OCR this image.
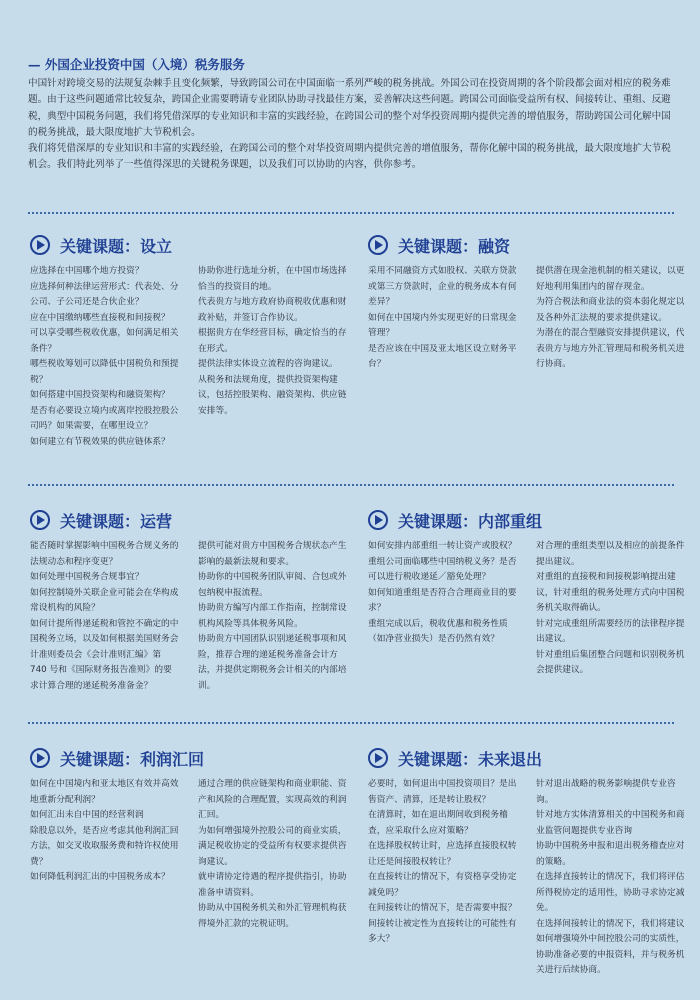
— 外国企业投资中国（入境）税务服务

中国针对跨境交易的法规复杂棘手且变化频繁，导致跨国公司在中国面临一系列严峻的税务挑战。外国公司在投资周期的各个阶段都会面对相应的税务难题。由于这些问题通常比较复杂，跨国企业需要聘请专业团队协助寻找最佳方案，妥善解决这些问题。跨国公司面临受益所有权、间接转让、重组、反避税，典型中国税务问题，我们将凭借深厚的专业知识和丰富的实践经验，在跨国公司的整个对华投资周期内提供完善的增值服务，帮助跨国公司化解中国的税务挑战，最大限度地扩大节税机会。

我们将凭借深厚的专业知识和丰富的实践经验，在跨国公司的整个对华投资周期内提供完善的增值服务，帮你化解中国的税务挑战，最大限度地扩大节税机会。我们特此列举了一些值得深思的关键税务课题，以及我们可以协助的内容，供你参考。

关键课题：设立

应选择在中国哪个地方投资？
应选择何种法律运营形式：代表处、分公司、子公司还是合伙企业？
应在中国缴纳哪些直接税和间接税？
可以享受哪些税收优惠，如何满足相关条件？
哪些税收筹划可以降低中国税负和预提税？
如何搭建中国投资架构和融资架构？
是否有必要设立境内或离岸控股控股公司吗？如果需要，在哪里设立？
如何建立有节税效果的供应链体系？

协助你进行选址分析，在中国市场选择恰当的投资目的地。
代表贵方与地方政府协商税收优惠和财政补贴，并签订合作协议。
根据贵方在华经营目标，确定恰当的存在形式。
提供法律实体设立流程的咨询建议。
从税务和法规角度，提供投资架构建议，包括控股架构、融资架构、供应链安排等。

关键课题：融资

采用不同融资方式如股权、关联方贷款或第三方贷款时，企业的税务成本有何差异？
如何在中国境内外实现更好的日常现金管理？
是否应该在中国及亚太地区设立财务平台？

提供潜在现金池机制的相关建议，以更好地利用集团内的留存现金。
为符合税法和商业法的资本弱化规定以及各种外汇法规的要求提供建议。
为潜在的混合型融资安排提供建议，代表贵方与地方外汇管理局和税务机关进行协商。

关键课题：运营

能否随时掌握影响中国税务合规义务的法规动态和程序变更？
如何处理中国税务合规事宜？
如何控制境外关联企业可能会在华构成常设机构的风险？
如何计提所得递延税和管控不确定的中国税务立场，以及如何根据美国财务会计准则委员会《会计准则汇编》第 740 号和《国际财务报告准则》的要求计算合理的递延税务准备金？

提供可能对贵方中国税务合规状态产生影响的最新法规和要求。
协助你的中国税务团队审阅、合包或外包纳税申报流程。
协助贵方编写内部工作指南，控制常设机构风险等具体税务风险。
协助贵方中国团队识别递延税事项和风险，推荐合理的递延税务准备会计方法，并提供定期税务会计相关的内部培训。

关键课题：内部重组

如何安排内部重组一转让资产或股权？
重组公司面临哪些中国纳税义务？是否可以进行税收递延／豁免处理？
如何知道重组是否符合合理商业目的要求？
重组完成以后，税收优惠和税务性质（如净营业损失）是否仍然有效？

对合理的重组类型以及相应的前提条件提出建议。
对重组的直接税和间接税影响提出建议，针对重组的税务处理方式向中国税务机关取得确认。
针对完成重组所需要经历的法律程序提出建议。
针对重组后集团整合问题和识别税务机会提供建议。

关键课题：利润汇回

如何在中国境内和亚太地区有效并高效地重新分配利润？
如何汇出未自中国的经营利润
除股息以外，是否应考虑其他利润汇回方法，如交叉收取服务费和特许权使用费？
如何降低利润汇出的中国税务成本？

通过合理的供应链架构和商业职能、资产和风险的合理配置，实现高效的利润汇回。
为如何增强境外控股公司的商业实质，满足税收协定的受益所有权要求提供咨询建议。
就申请协定待遇的程序提供指引，协助准备申请资料。
协助从中国税务机关和外汇管理机构获得境外汇款的完税证明。

关键课题：未来退出

必要时，如何退出中国投资项目？是出售资产、清算，还是转让股权？
在清算时，如在退出期间收到税务稽查，应采取什么应对策略？
在选择股权转让时，应选择直接股权转让还是间接股权转让？
在直接转让的情况下，有资格享受协定减免吗？
在间接转让的情况下，是否需要申报？间接转让被定性为直接转让的可能性有多大？

针对退出战略的税务影响提供专业咨询。
针对地方实体清算相关的中国税务和商业监管问题提供专业咨询
协助中国税务申报和退出税务稽查应对的策略。
在选择直接转让的情况下，我们将评估所得税协定的适用性，协助寻求协定减免。
在选择间接转让的情况下，我们将建议如何增强境外中间控股公司的实质性，协助准备必要的申报资料，并与税务机关进行后续协商。
